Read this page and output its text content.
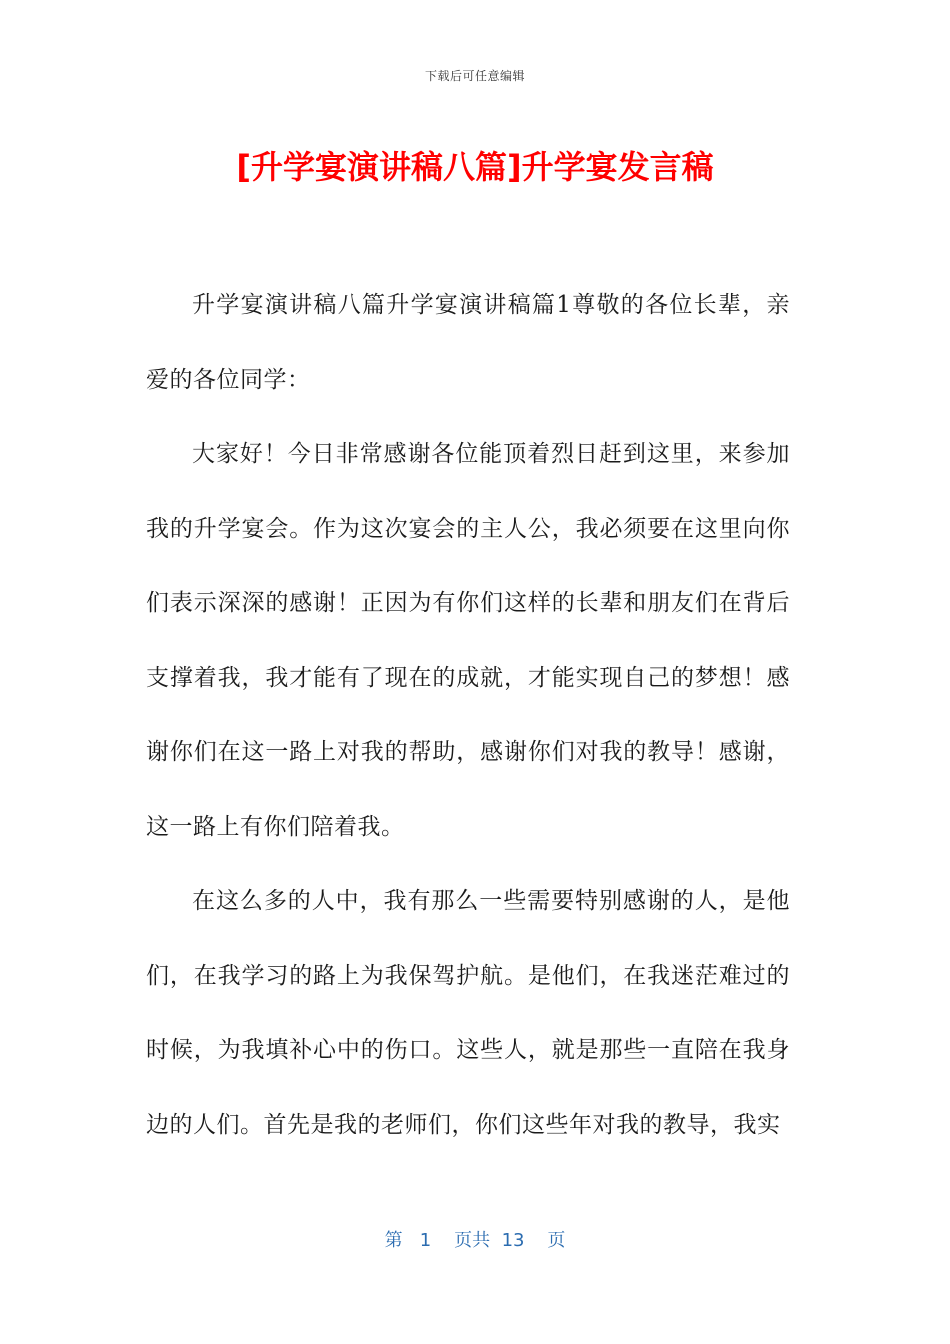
下载后可任意编辑
[升学宴演讲稿八篇]升学宴发言稿

升学宴演讲稿八篇升学宴演讲稿篇1尊敬的各位长辈，亲爱的各位同学：

大家好！今日非常感谢各位能顶着烈日赶到这里，来参加我的升学宴会。作为这次宴会的主人公，我必须要在这里向你们表示深深的感谢！正因为有你们这样的长辈和朋友们在背后支撑着我，我才能有了现在的成就，才能实现自己的梦想！感谢你们在这一路上对我的帮助，感谢你们对我的教导！感谢，这一路上有你们陪着我。

在这么多的人中，我有那么一些需要特别感谢的人，是他们，在我学习的路上为我保驾护航。是他们，在我迷茫难过的时候，为我填补心中的伤口。这些人，就是那些一直陪在我身边的人们。首先是我的老师们，你们这些年对我的教导，我实

第 1 页共 13 页
